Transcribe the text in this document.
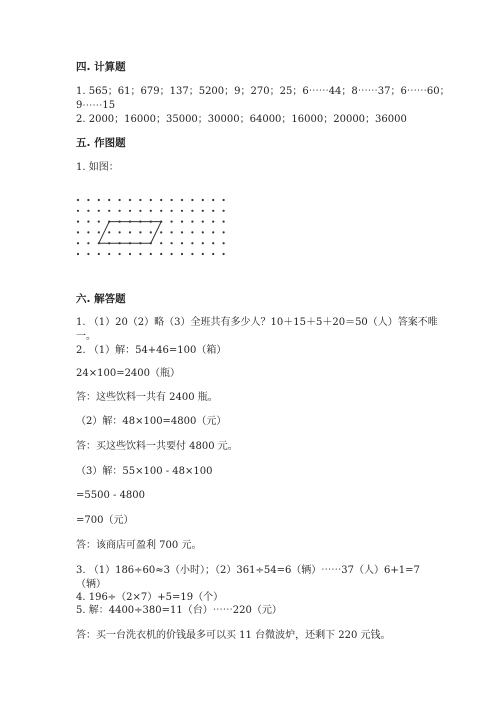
四. 计算题
1. 565；61；679；137；5200；9；270；25；6⋯⋯44；8⋯⋯37；6⋯⋯60；
9⋯⋯15
2. 2000；16000；35000；30000；64000；16000；20000；36000
五. 作图题
1. 如图：
六. 解答题
1. （1）20（2）略（3）全班共有多少人？10＋15＋5＋20＝50（人）答案不唯
一。
2. （1）解：54+46=100（箱）
24×100=2400（瓶）
答：这些饮料一共有 2400 瓶。
（2）解：48×100=4800（元）
答：买这些饮料一共要付 4800 元。
（3）解：55×100 - 48×100
=5500 - 4800
=700（元）
答：该商店可盈利 700 元。
3. （1）186÷60≈3（小时）；（2）361÷54=6（辆）⋯⋯37（人）6+1=7
（辆）
4. 196÷（2×7）+5=19（个）
5. 解：4400÷380=11（台）⋯⋯220（元）
答：买一台洗衣机的价钱最多可以买 11 台微波炉，还剩下 220 元钱。
